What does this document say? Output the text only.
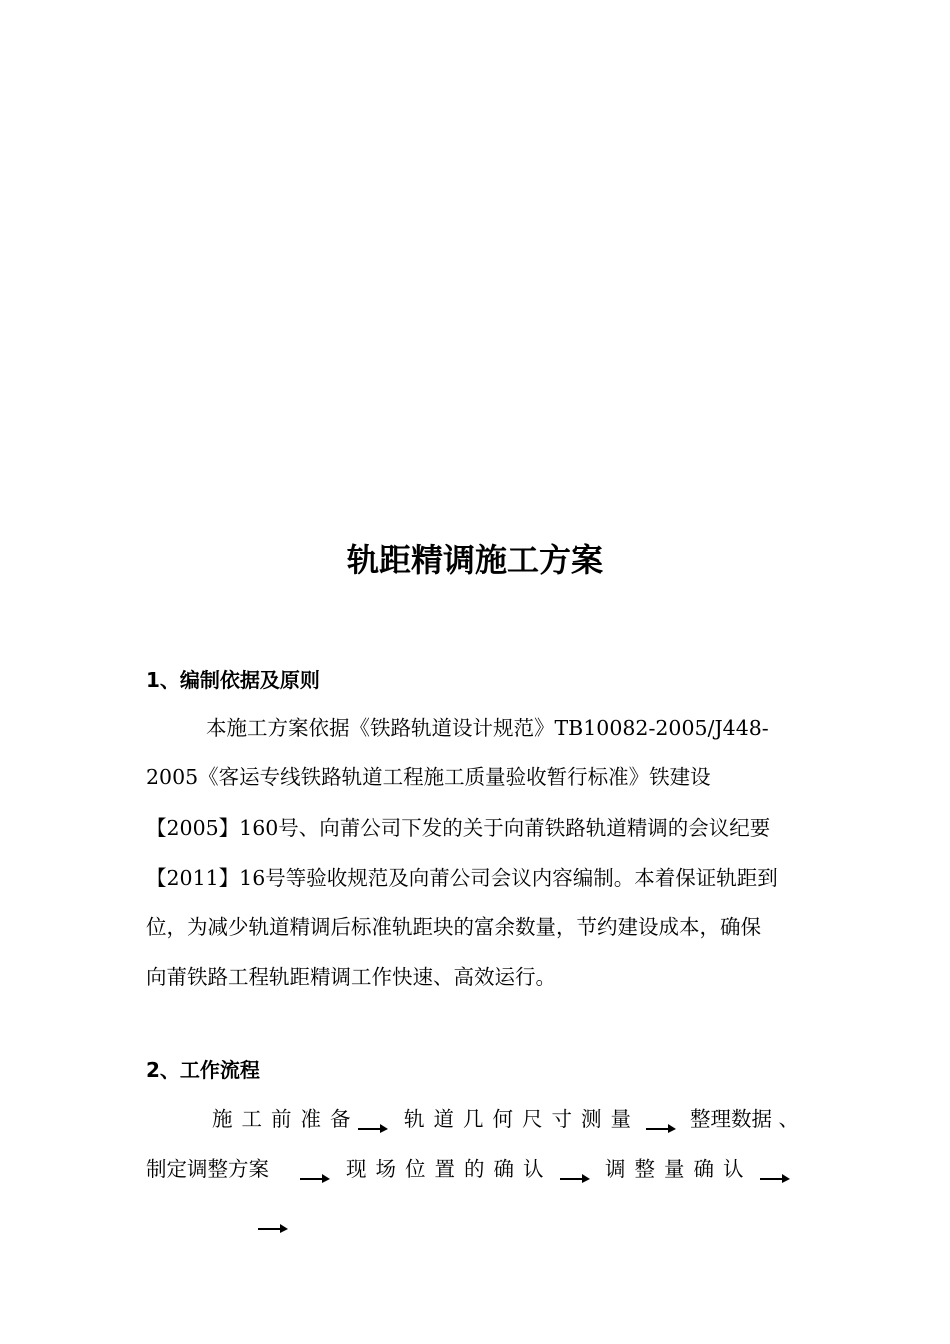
轨距精调施工方案
1、编制依据及原则
本施工方案依据《铁路轨道设计规范》TB10082-2005/J448-
2005《客运专线铁路轨道工程施工质量验收暂行标准》铁建设
【2005】160号、向莆公司下发的关于向莆铁路轨道精调的会议纪要
【2011】16号等验收规范及向莆公司会议内容编制。本着保证轨距到
位，为减少轨道精调后标准轨距块的富余数量，节约建设成本，确保
向莆铁路工程轨距精调工作快速、高效运行。
2、工作流程
施工前准备 轨道几何尺寸测量 整理数据 、
制定调整方案	现场位置的确认	调整量确认
